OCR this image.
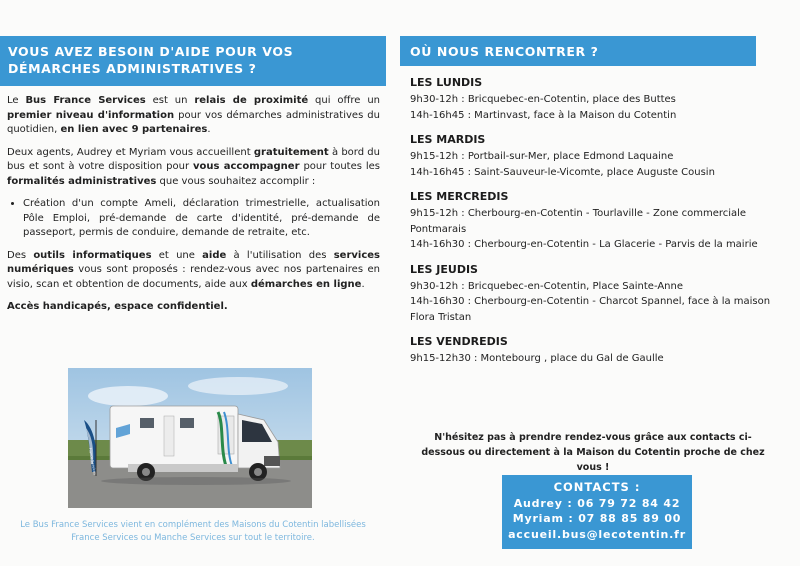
VOUS AVEZ BESOIN D'AIDE POUR VOS DÉMARCHES ADMINISTRATIVES ?

Le Bus France Services est un relais de proximité qui offre un premier niveau d'information pour vos démarches administratives du quotidien, en lien avec 9 partenaires.

Deux agents, Audrey et Myriam vous accueillent gratuitement à bord du bus et sont à votre disposition pour vous accompagner pour toutes les formalités administratives que vous souhaitez accomplir :

• Création d'un compte Ameli, déclaration trimestrielle, actualisation Pôle Emploi, pré-demande de carte d'identité, pré-demande de passeport, permis de conduire, demande de retraite, etc.

Des outils informatiques et une aide à l'utilisation des services numériques vous sont proposés : rendez-vous avec nos partenaires en visio, scan et obtention de documents, aide aux démarches en ligne.

Accès handicapés, espace confidentiel.

France Services
Le Bus France Services vient en complément des Maisons du Cotentin labellisées France Services ou Manche Services sur tout le territoire.
OÙ NOUS RENCONTRER ?
LES LUNDIS
9h30-12h : Bricquebec-en-Cotentin, place des Buttes
14h-16h45 : Martinvast, face à la Maison du Cotentin
LES MARDIS
9h15-12h : Portbail-sur-Mer, place Edmond Laquaine
14h-16h45 : Saint-Sauveur-le-Vicomte, place Auguste Cousin
LES MERCREDIS
9h15-12h : Cherbourg-en-Cotentin - Tourlaville - Zone commerciale Pontmarais
14h-16h30 : Cherbourg-en-Cotentin - La Glacerie - Parvis de la mairie
LES JEUDIS
9h30-12h : Bricquebec-en-Cotentin, Place Sainte-Anne
14h-16h30 : Cherbourg-en-Cotentin - Charcot Spannel, face à la maison Flora Tristan
LES VENDREDIS
9h15-12h30 : Montebourg , place du Gal de Gaulle
N'hésitez pas à prendre rendez-vous grâce aux contacts ci-dessous ou directement à la Maison du Cotentin proche de chez vous !
CONTACTS :
Audrey : 06 79 72 84 42
Myriam : 07 88 85 89 00
accueil.bus@lecotentin.fr
